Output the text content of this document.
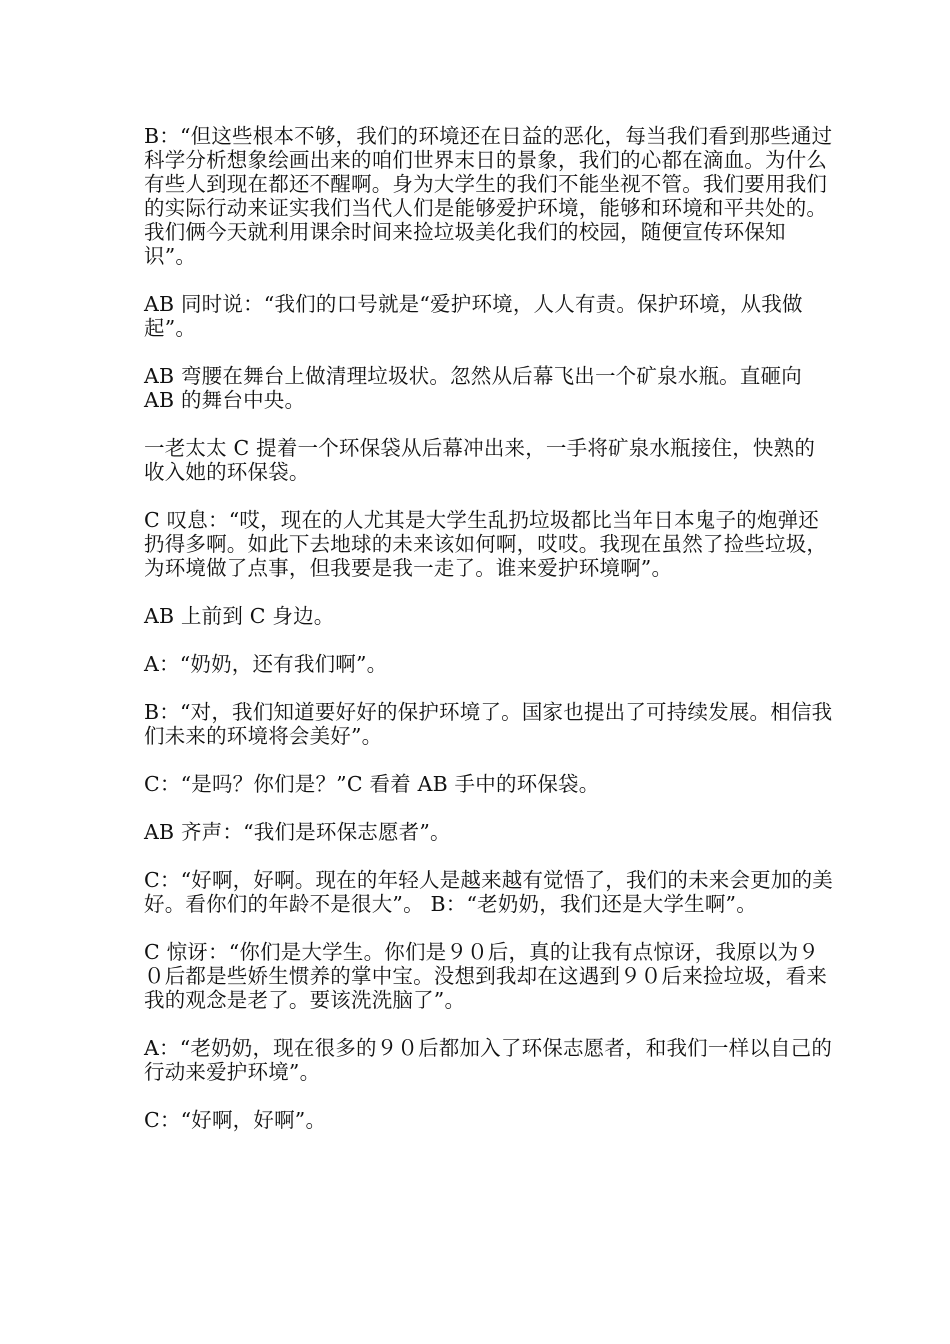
B：“但这些根本不够，我们的环境还在日益的恶化，每当我们看到那些通过科学分析想象绘画出来的咱们世界末日的景象，我们的心都在滴血。为什么有些人到现在都还不醒啊。身为大学生的我们不能坐视不管。我们要用我们的实际行动来证实我们当代人们是能够爱护环境，能够和环境和平共处的。我们俩今天就利用课余时间来捡垃圾美化我们的校园，随便宣传环保知识”。

AB 同时说：“我们的口号就是“爱护环境，人人有责。保护环境，从我做起”。

AB 弯腰在舞台上做清理垃圾状。忽然从后幕飞出一个矿泉水瓶。直砸向 AB 的舞台中央。

一老太太 C 提着一个环保袋从后幕冲出来，一手将矿泉水瓶接住，快熟的收入她的环保袋。

C 叹息：“哎，现在的人尤其是大学生乱扔垃圾都比当年日本鬼子的炮弹还扔得多啊。如此下去地球的未来该如何啊，哎哎。我现在虽然了捡些垃圾，为环境做了点事，但我要是我一走了。谁来爱护环境啊”。

AB 上前到 C 身边。

A：“奶奶，还有我们啊”。

B：“对，我们知道要好好的保护环境了。国家也提出了可持续发展。相信我们未来的环境将会美好”。

C：“是吗？你们是？”C 看着 AB 手中的环保袋。

AB 齐声：“我们是环保志愿者”。

C：“好啊，好啊。现在的年轻人是越来越有觉悟了，我们的未来会更加的美好。看你们的年龄不是很大”。 B：“老奶奶，我们还是大学生啊”。

C 惊讶：“你们是大学生。你们是９０后，真的让我有点惊讶，我原以为９０后都是些娇生惯养的掌中宝。没想到我却在这遇到９０后来捡垃圾，看来我的观念是老了。要该洗洗脑了”。

A：“老奶奶，现在很多的９０后都加入了环保志愿者，和我们一样以自己的行动来爱护环境”。

C：“好啊，好啊”。
